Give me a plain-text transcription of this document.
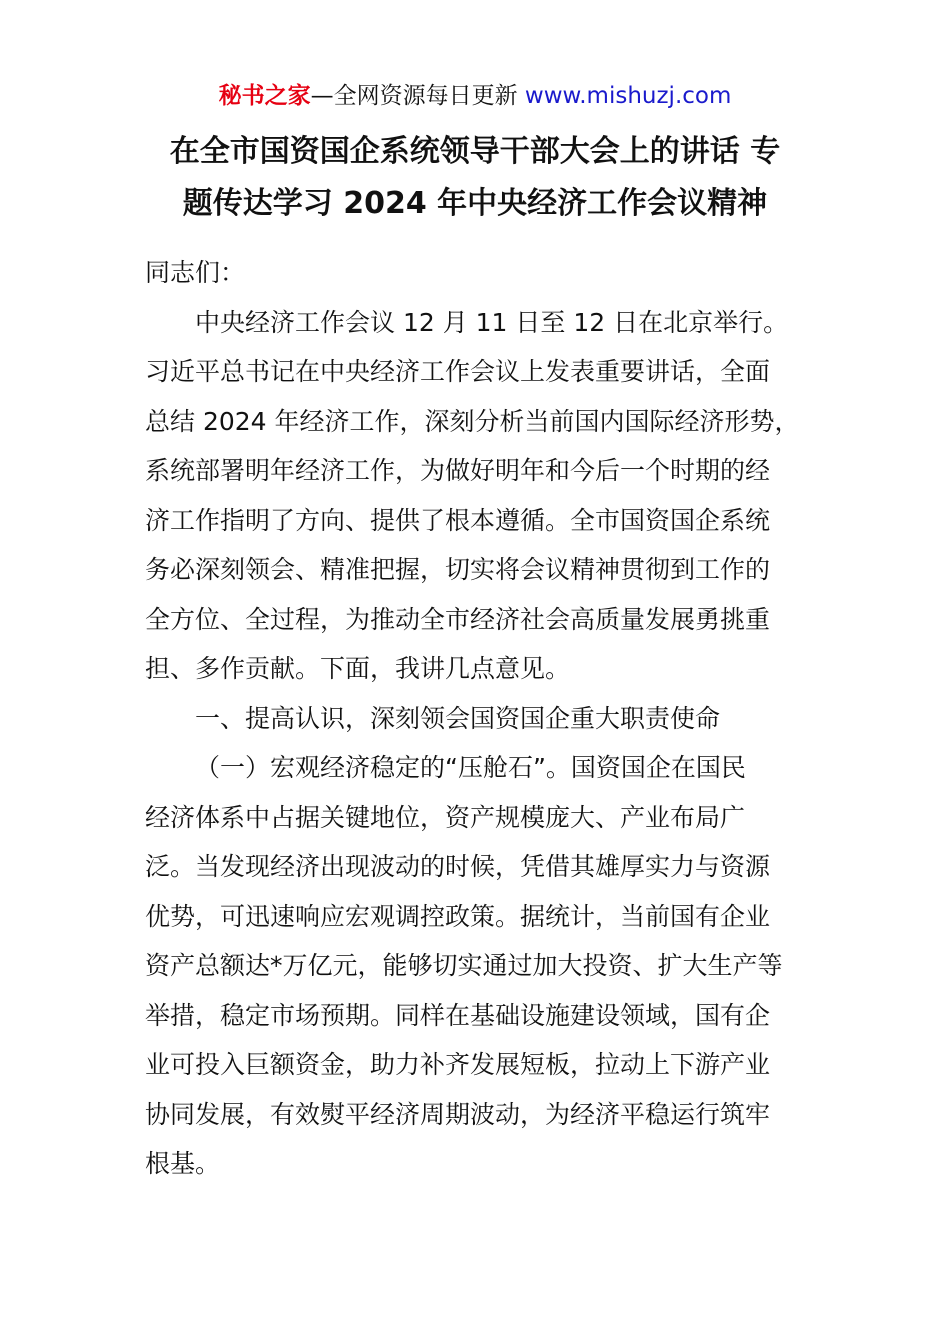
秘书之家—全网资源每日更新 www.mishuzj.com
在全市国资国企系统领导干部大会上的讲话 专
题传达学习 2024 年中央经济工作会议精神
同志们：
中央经济工作会议 12 月 11 日至 12 日在北京举行。
习近平总书记在中央经济工作会议上发表重要讲话，全面
总结 2024 年经济工作，深刻分析当前国内国际经济形势，
系统部署明年经济工作，为做好明年和今后一个时期的经
济工作指明了方向、提供了根本遵循。全市国资国企系统
务必深刻领会、精准把握，切实将会议精神贯彻到工作的
全方位、全过程，为推动全市经济社会高质量发展勇挑重
担、多作贡献。下面，我讲几点意见。
一、提高认识，深刻领会国资国企重大职责使命
（一）宏观经济稳定的“压舱石”。国资国企在国民
经济体系中占据关键地位，资产规模庞大、产业布局广
泛。当发现经济出现波动的时候，凭借其雄厚实力与资源
优势，可迅速响应宏观调控政策。据统计，当前国有企业
资产总额达*万亿元，能够切实通过加大投资、扩大生产等
举措，稳定市场预期。同样在基础设施建设领域，国有企
业可投入巨额资金，助力补齐发展短板，拉动上下游产业
协同发展，有效熨平经济周期波动，为经济平稳运行筑牢
根基。
